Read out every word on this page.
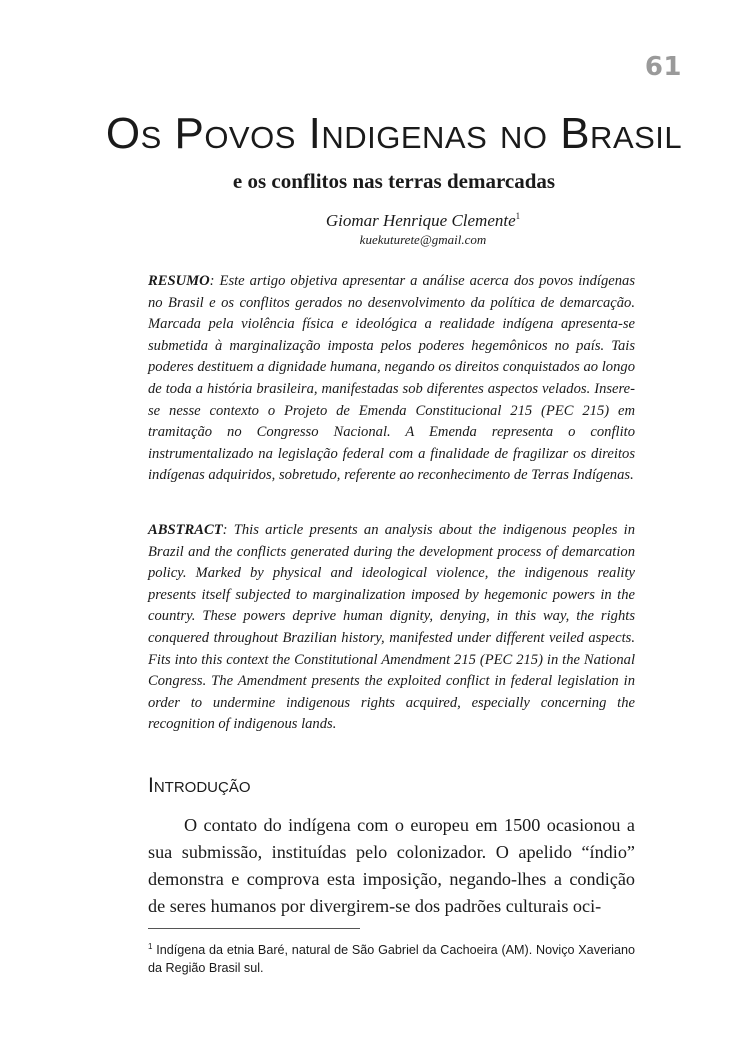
61
Os Povos Indigenas no Brasil
e os conflitos nas terras demarcadas
Giomar Henrique Clemente$^1$
kuekuturete@gmail.com
RESUMO: Este artigo objetiva apresentar a análise acerca dos povos indígenas no Brasil e os conflitos gerados no desenvolvimento da política de demarcação. Marcada pela violência física e ideológica a realidade indígena apresenta-se submetida à marginalização imposta pelos poderes hegemônicos no país. Tais poderes destituem a dignidade humana, negando os direitos conquistados ao longo de toda a história brasileira, manifestadas sob diferentes aspectos velados. Insere-se nesse contexto o Projeto de Emenda Constitucional 215 (PEC 215) em tramitação no Congresso Nacional. A Emenda representa o conflito instrumentalizado na legislação federal com a finalidade de fragilizar os direitos indígenas adquiridos, sobretudo, referente ao reconhecimento de Terras Indígenas.
ABSTRACT: This article presents an analysis about the indigenous peoples in Brazil and the conflicts generated during the development process of demarcation policy. Marked by physical and ideological violence, the indigenous reality presents itself subjected to marginalization imposed by hegemonic powers in the country. These powers deprive human dignity, denying, in this way, the rights conquered throughout Brazilian history, manifested under different veiled aspects. Fits into this context the Constitutional Amendment 215 (PEC 215) in the National Congress. The Amendment presents the exploited conflict in federal legislation in order to undermine indigenous rights acquired, especially concerning the recognition of indigenous lands.
Introdução

O contato do indígena com o europeu em 1500 ocasionou a sua submissão, instituídas pelo colonizador. O apelido “índio” demonstra e comprova esta imposição, negando-lhes a condição de seres humanos por divergirem-se dos padrões culturais oci-

$^1$ Indígena da etnia Baré, natural de São Gabriel da Cachoeira (AM). Noviço Xaveriano da Região Brasil sul.
